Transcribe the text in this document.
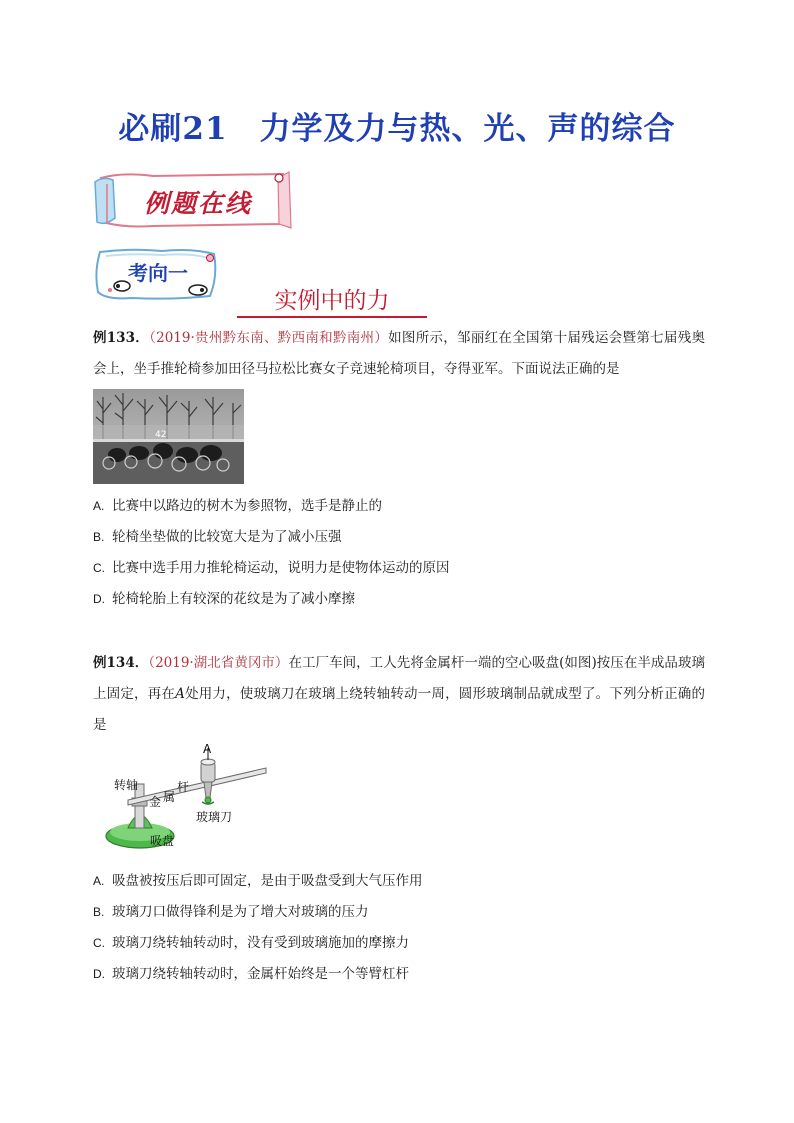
必刷21 力学及力与热、光、声的综合
例题在线
考向一
实例中的力
例133．（2019·贵州黔东南、黔西南和黔南州）如图所示，邹丽红在全国第十届残运会暨第七届残奥会上，坐手推轮椅参加田径马拉松比赛女子竞速轮椅项目，夺得亚军。下面说法正确的是
42
A. 比赛中以路边的树木为参照物，选手是静止的
B. 轮椅坐垫做的比较宽大是为了减小压强
C. 比赛中选手用力推轮椅运动，说明力是使物体运动的原因
D. 轮椅轮胎上有较深的花纹是为了减小摩擦
例134．（2019·湖北省黄冈市）在工厂车间，工人先将金属杆一端的空心吸盘(如图)按压在半成品玻璃上固定，再在A处用力，使玻璃刀在玻璃上绕转轴转动一周，圆形玻璃制品就成型了。下列分析正确的是
A
转轴
金 属
杆
玻璃刀
吸盘
A. 吸盘被按压后即可固定，是由于吸盘受到大气压作用
B. 玻璃刀口做得锋利是为了增大对玻璃的压力
C. 玻璃刀绕转轴转动时，没有受到玻璃施加的摩擦力
D. 玻璃刀绕转轴转动时，金属杆始终是一个等臂杠杆
